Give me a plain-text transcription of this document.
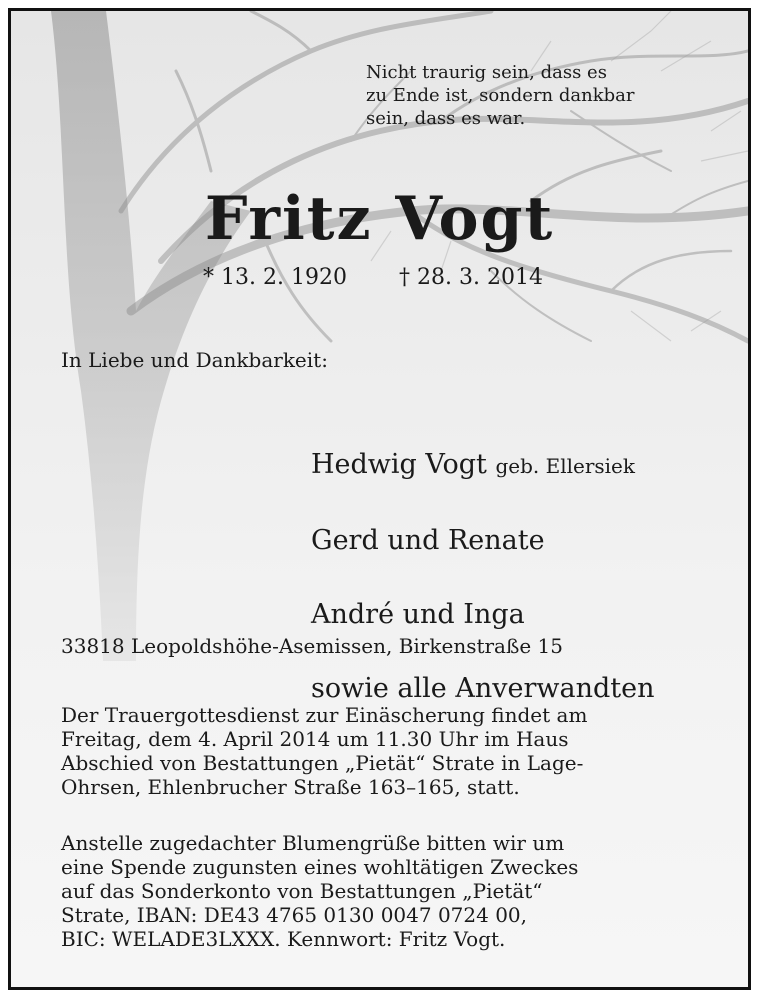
Nicht traurig sein, dass es
zu Ende ist, sondern dankbar
sein, dass es war.
Fritz Vogt
* 13. 2. 1920 † 28. 3. 2014
In Liebe und Dankbarkeit:

Hedwig Vogt geb. Ellersiek

Gerd und Renate

André und Inga

sowie alle Anverwandten

33818 Leopoldshöhe-Asemissen, Birkenstraße 15
Der Trauergottesdienst zur Einäscherung findet am
Freitag, dem 4. April 2014 um 11.30 Uhr im Haus
Abschied von Bestattungen „Pietät“ Strate in Lage-
Ohrsen, Ehlenbrucher Straße 163–165, statt.
Anstelle zugedachter Blumengrüße bitten wir um
eine Spende zugunsten eines wohltätigen Zweckes
auf das Sonderkonto von Bestattungen „Pietät“
Strate, IBAN: DE43 4765 0130 0047 0724 00,
BIC: WELADE3LXXX. Kennwort: Fritz Vogt.
